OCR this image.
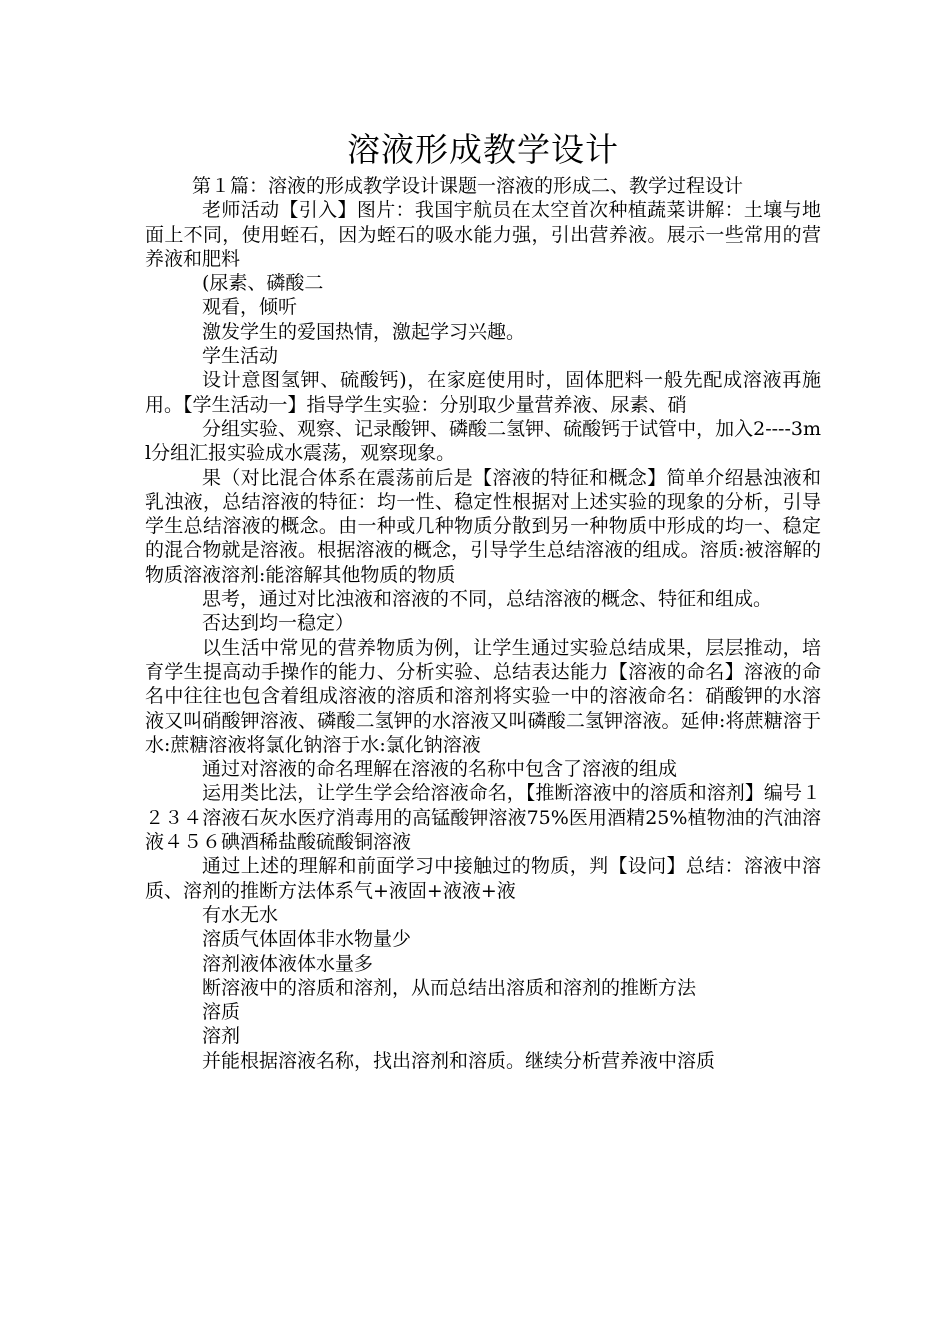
溶液形成教学设计

第１篇：溶液的形成教学设计课题一溶液的形成二、教学过程设计

老师活动【引入】图片：我国宇航员在太空首次种植蔬菜讲解：土壤与地面上不同，使用蛭石，因为蛭石的吸水能力强，引出营养液。展示一些常用的营养液和肥料

(尿素、磷酸二

观看，倾听

激发学生的爱国热情，激起学习兴趣。

学生活动

设计意图氢钾、硫酸钙)，在家庭使用时，固体肥料一般先配成溶液再施用。【学生活动一】指导学生实验：分别取少量营养液、尿素、硝

分组实验、观察、记录酸钾、磷酸二氢钾、硫酸钙于试管中，加入2----3ml分组汇报实验成水震荡，观察现象。

果（对比混合体系在震荡前后是【溶液的特征和概念】简单介绍悬浊液和乳浊液，总结溶液的特征：均一性、稳定性根据对上述实验的现象的分析，引导学生总结溶液的概念。由一种或几种物质分散到另一种物质中形成的均一、稳定的混合物就是溶液。根据溶液的概念，引导学生总结溶液的组成。溶质:被溶解的物质溶液溶剂:能溶解其他物质的物质

思考，通过对比浊液和溶液的不同，总结溶液的概念、特征和组成。

否达到均一稳定）

以生活中常见的营养物质为例，让学生通过实验总结成果，层层推动，培育学生提高动手操作的能力、分析实验、总结表达能力【溶液的命名】溶液的命名中往往也包含着组成溶液的溶质和溶剂将实验一中的溶液命名：硝酸钾的水溶液又叫硝酸钾溶液、磷酸二氢钾的水溶液又叫磷酸二氢钾溶液。延伸:将蔗糖溶于水:蔗糖溶液将氯化钠溶于水:氯化钠溶液

通过对溶液的命名理解在溶液的名称中包含了溶液的组成

运用类比法，让学生学会给溶液命名，【推断溶液中的溶质和溶剂】编号１２３４溶液石灰水医疗消毒用的高锰酸钾溶液75%医用酒精25%植物油的汽油溶液４５６碘酒稀盐酸硫酸铜溶液

通过上述的理解和前面学习中接触过的物质，判【设问】总结：溶液中溶质、溶剂的推断方法体系气+液固+液液+液

有水无水

溶质气体固体非水物量少

溶剂液体液体水量多

断溶液中的溶质和溶剂，从而总结出溶质和溶剂的推断方法

溶质

溶剂

并能根据溶液名称，找出溶剂和溶质。继续分析营养液中溶质
